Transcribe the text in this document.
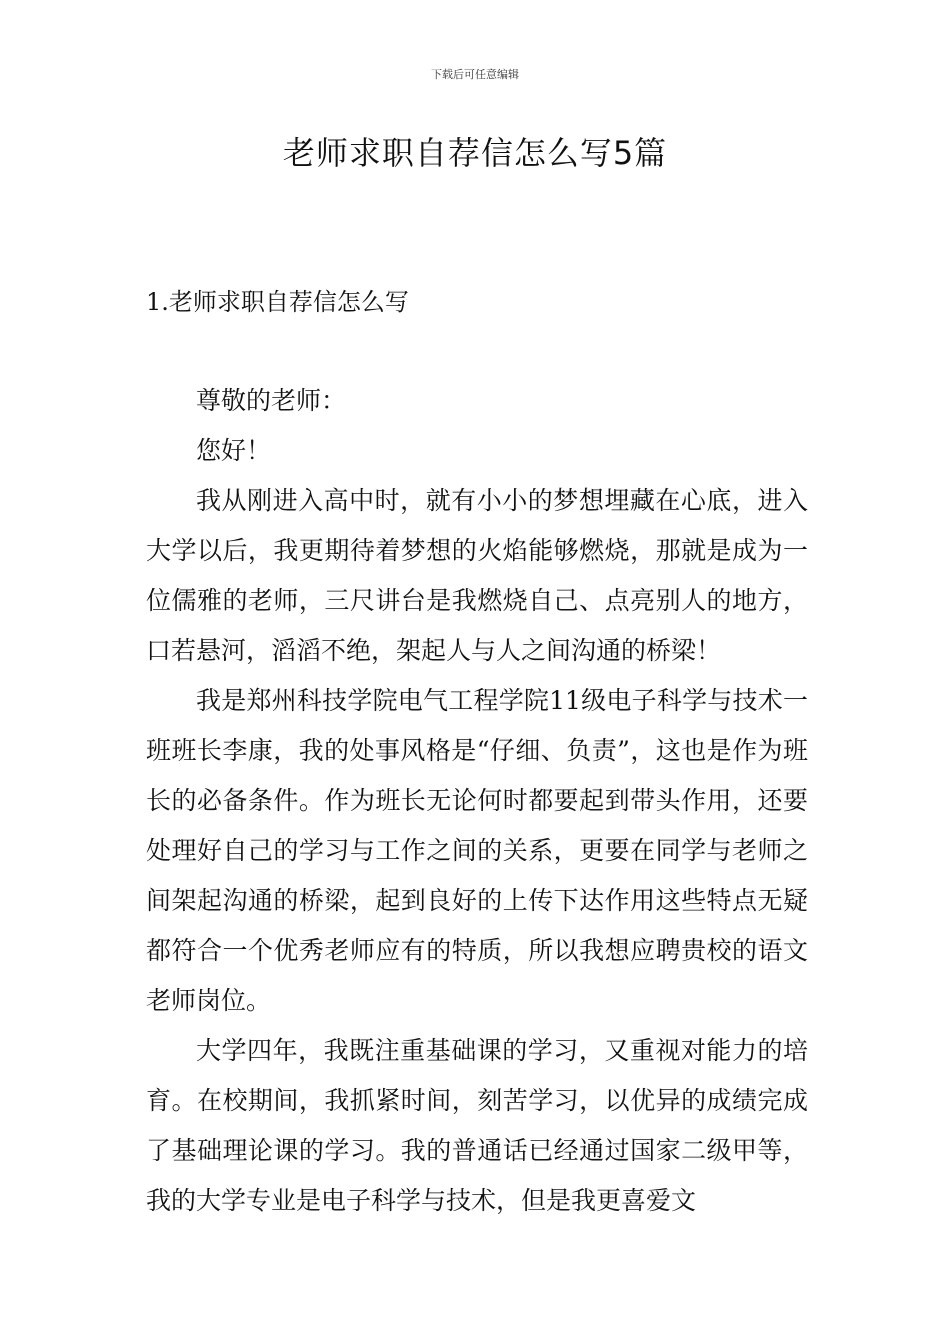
下载后可任意编辑
老师求职自荐信怎么写5篇
1.老师求职自荐信怎么写

尊敬的老师：

您好！

我从刚进入高中时，就有小小的梦想埋藏在心底，进入大学以后，我更期待着梦想的火焰能够燃烧，那就是成为一位儒雅的老师，三尺讲台是我燃烧自己、点亮别人的地方，口若悬河，滔滔不绝，架起人与人之间沟通的桥梁！

我是郑州科技学院电气工程学院11级电子科学与技术一班班长李康，我的处事风格是“仔细、负责”，这也是作为班长的必备条件。作为班长无论何时都要起到带头作用，还要处理好自己的学习与工作之间的关系，更要在同学与老师之间架起沟通的桥梁，起到良好的上传下达作用这些特点无疑都符合一个优秀老师应有的特质，所以我想应聘贵校的语文老师岗位。

大学四年，我既注重基础课的学习，又重视对能力的培育。在校期间，我抓紧时间，刻苦学习，以优异的成绩完成了基础理论课的学习。我的普通话已经通过国家二级甲等，我的大学专业是电子科学与技术，但是我更喜爱文
